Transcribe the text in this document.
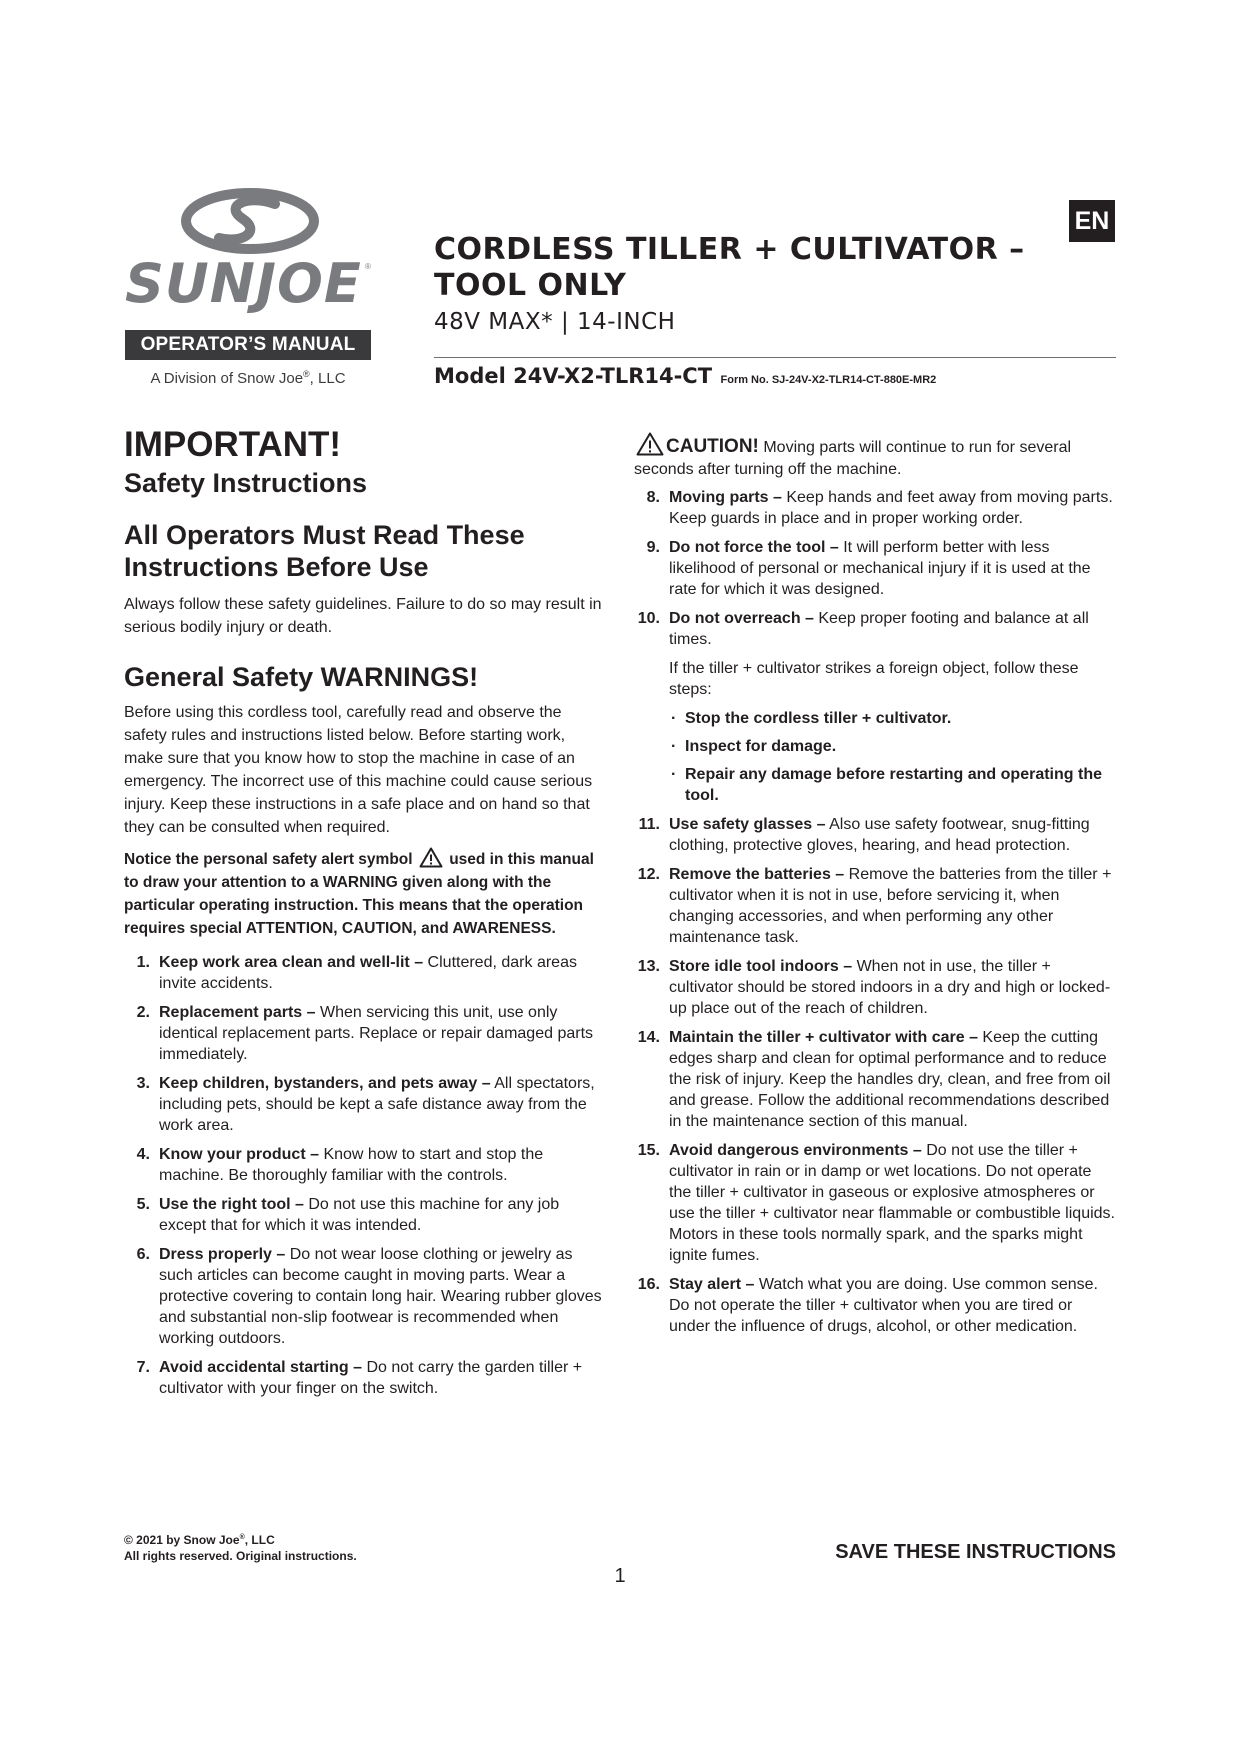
SUNJOE ®
OPERATOR’S MANUAL
A Division of Snow Joe®, LLC
CORDLESS TILLER + CULTIVATOR –
TOOL ONLY
48V MAX* | 14-INCH
Model 24V-X2-TLR14-CT Form No. SJ-24V-X2-TLR14-CT-880E-MR2
EN
IMPORTANT!
Safety Instructions
All Operators Must Read These
Instructions Before Use

Always follow these safety guidelines. Failure to do so may result in serious bodily injury or death.

General Safety WARNINGS!

Before using this cordless tool, carefully read and observe the safety rules and instructions listed below. Before starting work, make sure that you know how to stop the machine in case of an emergency. The incorrect use of this machine could cause serious injury. Keep these instructions in a safe place and on hand so that they can be consulted when required.

Notice the personal safety alert symbol used in this manual to draw your attention to a WARNING given along with the particular operating instruction. This means that the operation requires special ATTENTION, CAUTION, and AWARENESS.

1. Keep work area clean and well-lit – Cluttered, dark areas invite accidents.
2. Replacement parts – When servicing this unit, use only identical replacement parts. Replace or repair damaged parts immediately.
3. Keep children, bystanders, and pets away – All spectators, including pets, should be kept a safe distance away from the work area.
4. Know your product – Know how to start and stop the machine. Be thoroughly familiar with the controls.
5. Use the right tool – Do not use this machine for any job except that for which it was intended.
6. Dress properly – Do not wear loose clothing or jewelry as such articles can become caught in moving parts. Wear a protective covering to contain long hair. Wearing rubber gloves and substantial non-slip footwear is recommended when working outdoors.
7. Avoid accidental starting – Do not carry the garden tiller + cultivator with your finger on the switch.

CAUTION! Moving parts will continue to run for several seconds after turning off the machine.

8. Moving parts – Keep hands and feet away from moving parts. Keep guards in place and in proper working order.
9. Do not force the tool – It will perform better with less likelihood of personal or mechanical injury if it is used at the rate for which it was designed.
10. Do not overreach – Keep proper footing and balance at all times.

If the tiller + cultivator strikes a foreign object, follow these steps:

· Stop the cordless tiller + cultivator.
· Inspect for damage.
· Repair any damage before restarting and operating the tool.
11. Use safety glasses – Also use safety footwear, snug-fitting clothing, protective gloves, hearing, and head protection.
12. Remove the batteries – Remove the batteries from the tiller + cultivator when it is not in use, before servicing it, when changing accessories, and when performing any other maintenance task.
13. Store idle tool indoors – When not in use, the tiller + cultivator should be stored indoors in a dry and high or locked-up place out of the reach of children.
14. Maintain the tiller + cultivator with care – Keep the cutting edges sharp and clean for optimal performance and to reduce the risk of injury. Keep the handles dry, clean, and free from oil and grease. Follow the additional recommendations described in the maintenance section of this manual.
15. Avoid dangerous environments – Do not use the tiller + cultivator in rain or in damp or wet locations. Do not operate the tiller + cultivator in gaseous or explosive atmospheres or use the tiller + cultivator near flammable or combustible liquids. Motors in these tools normally spark, and the sparks might ignite fumes.
16. Stay alert – Watch what you are doing. Use common sense. Do not operate the tiller + cultivator when you are tired or under the influence of drugs, alcohol, or other medication.
© 2021 by Snow Joe®, LLC
All rights reserved. Original instructions.	SAVE THESE INSTRUCTIONS
1
